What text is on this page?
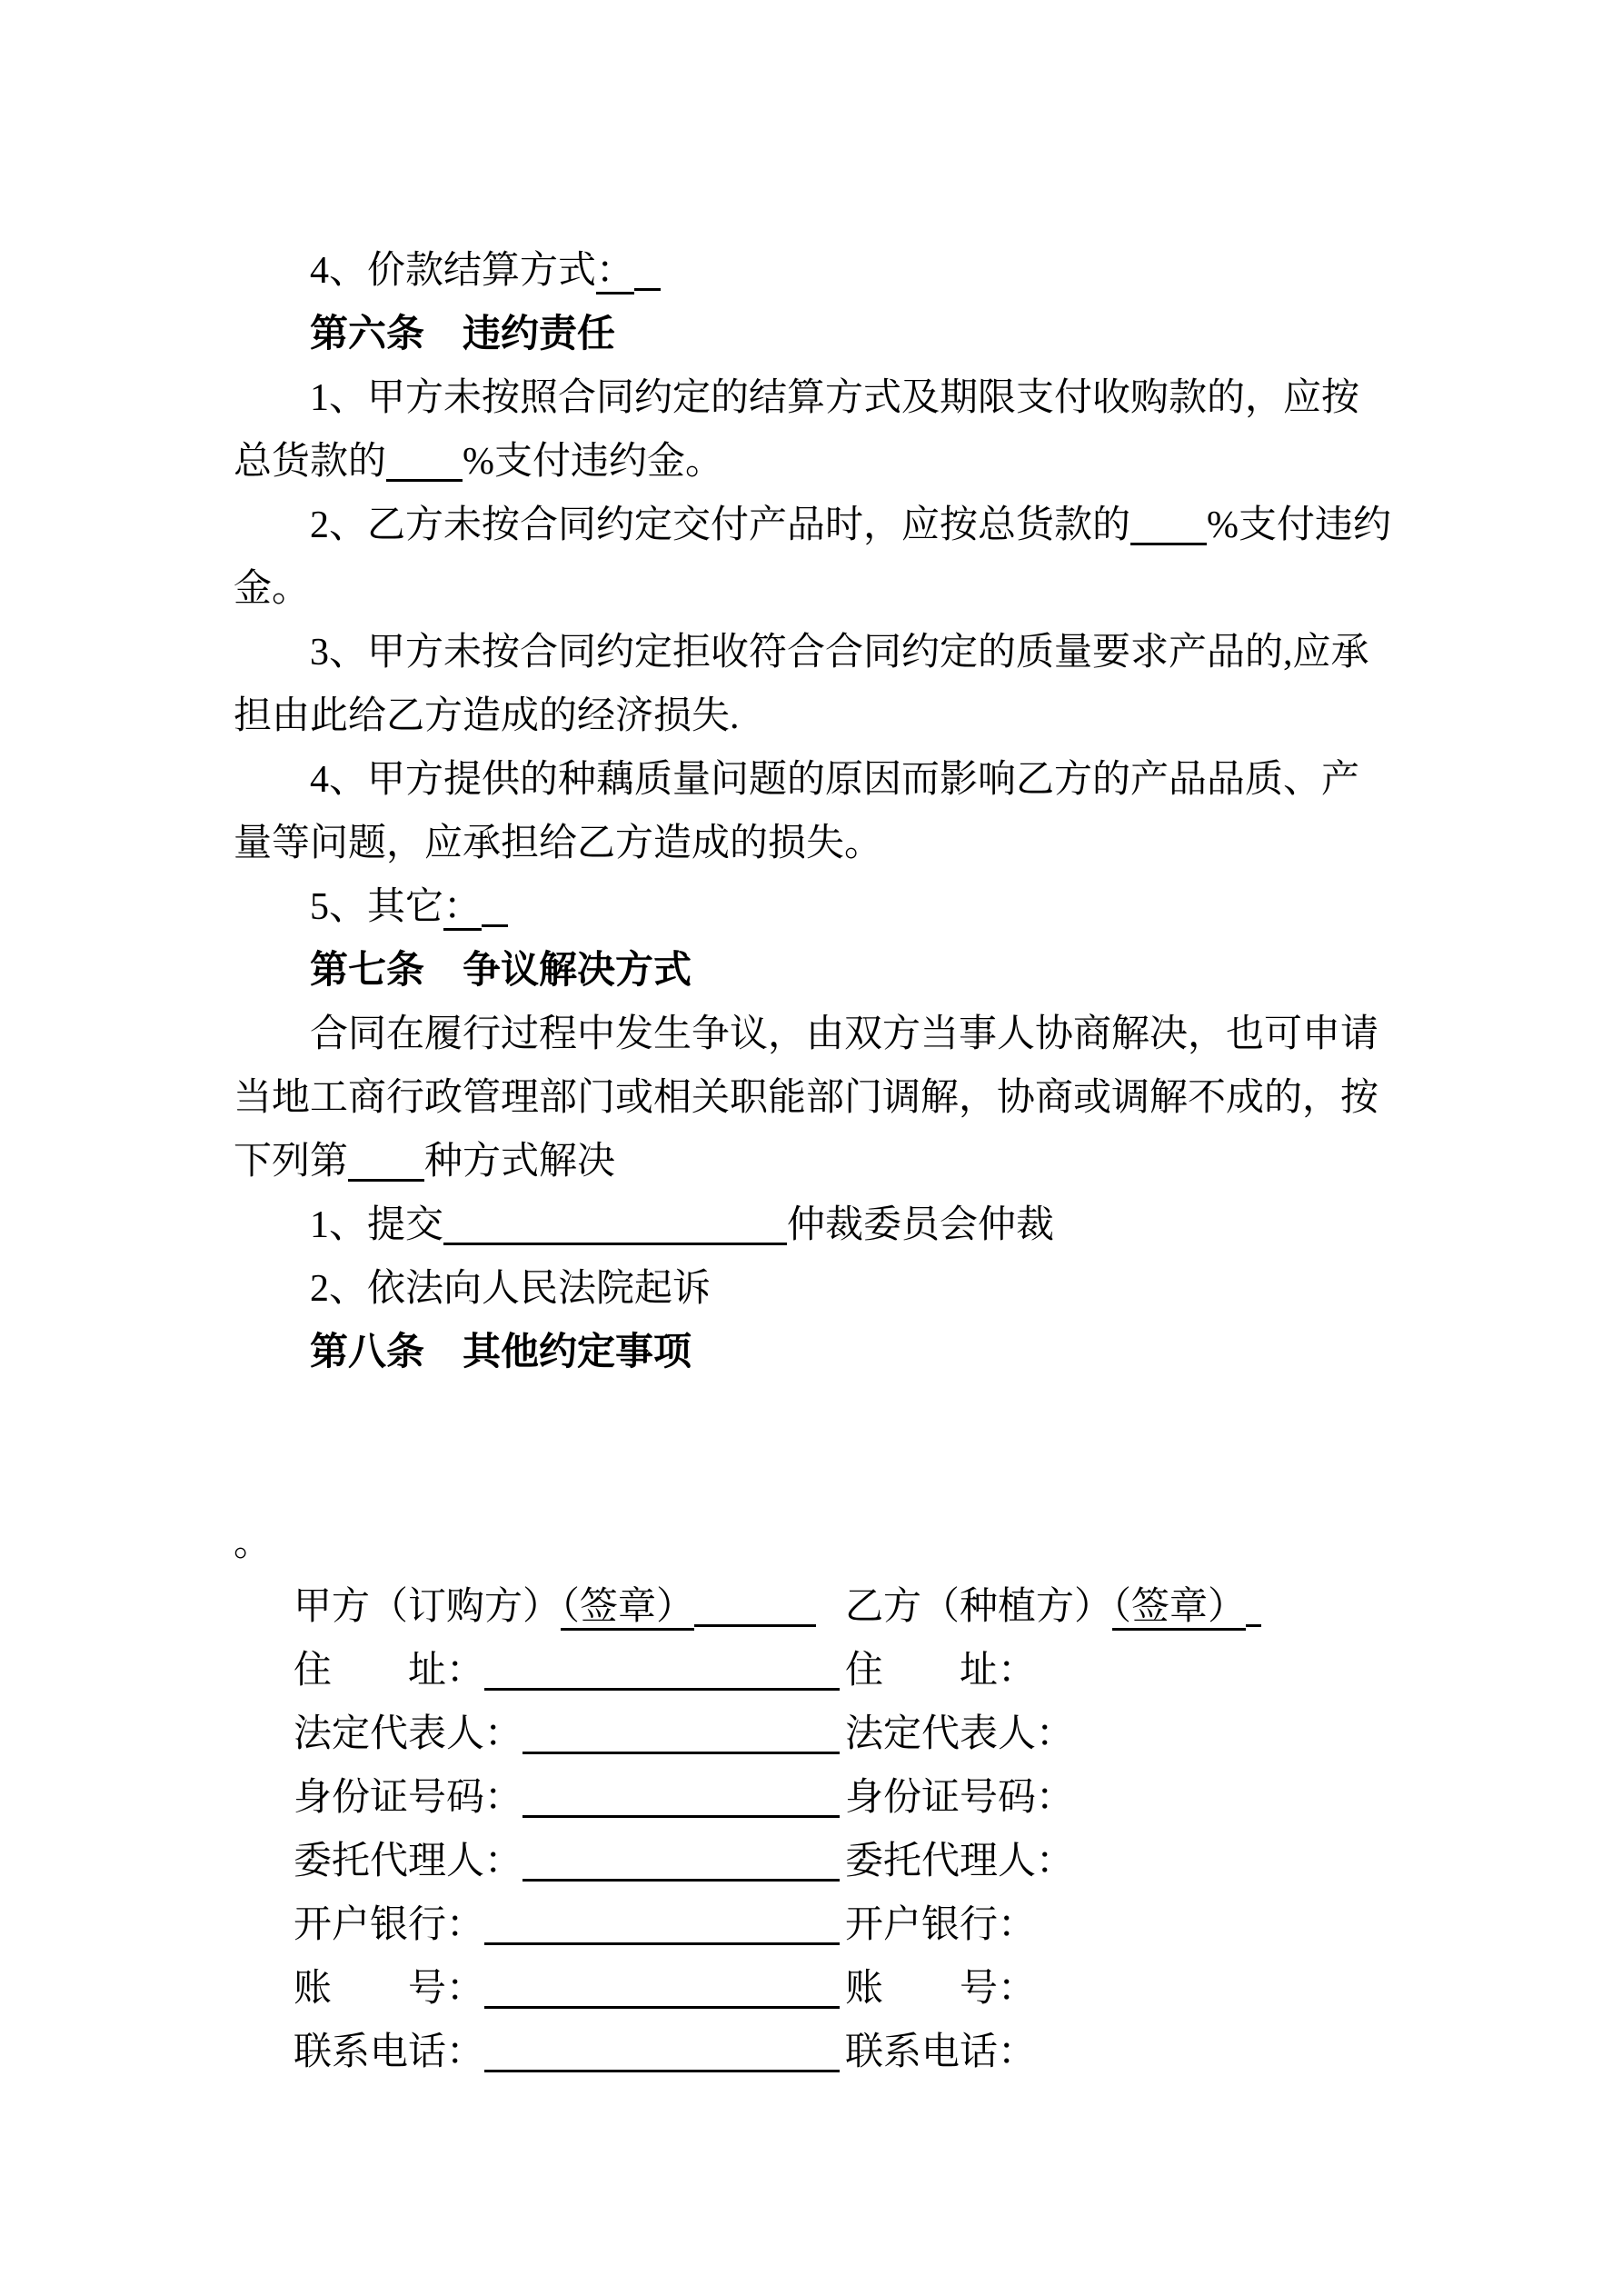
4、价款结算方式：
第六条　违约责任
1、甲方未按照合同约定的结算方式及期限支付收购款的，应按
总货款的 %支付违约金。
2、乙方未按合同约定交付产品时，应按总货款的 %支付违约
金。
3、甲方未按合同约定拒收符合合同约定的质量要求产品的,应承
担由此给乙方造成的经济损失.
4、甲方提供的种藕质量问题的原因而影响乙方的产品品质、产
量等问题，应承担给乙方造成的损失。
5、其它：
第七条　争议解决方式
合同在履行过程中发生争议，由双方当事人协商解决，也可申请
当地工商行政管理部门或相关职能部门调解，协商或调解不成的，按
下列第 种方式解决
1、提交	仲裁委员会仲裁
2、依法向人民法院起诉
第八条　其他约定事项
。
甲方（订购方）（签章）	乙方（种植方）（签章）
住　　址：	住　　址：
法定代表人：	法定代表人：
身份证号码：	身份证号码：
委托代理人：	委托代理人：
开户银行：	开户银行：
账　　号：	账　　号：
联系电话：	联系电话：
